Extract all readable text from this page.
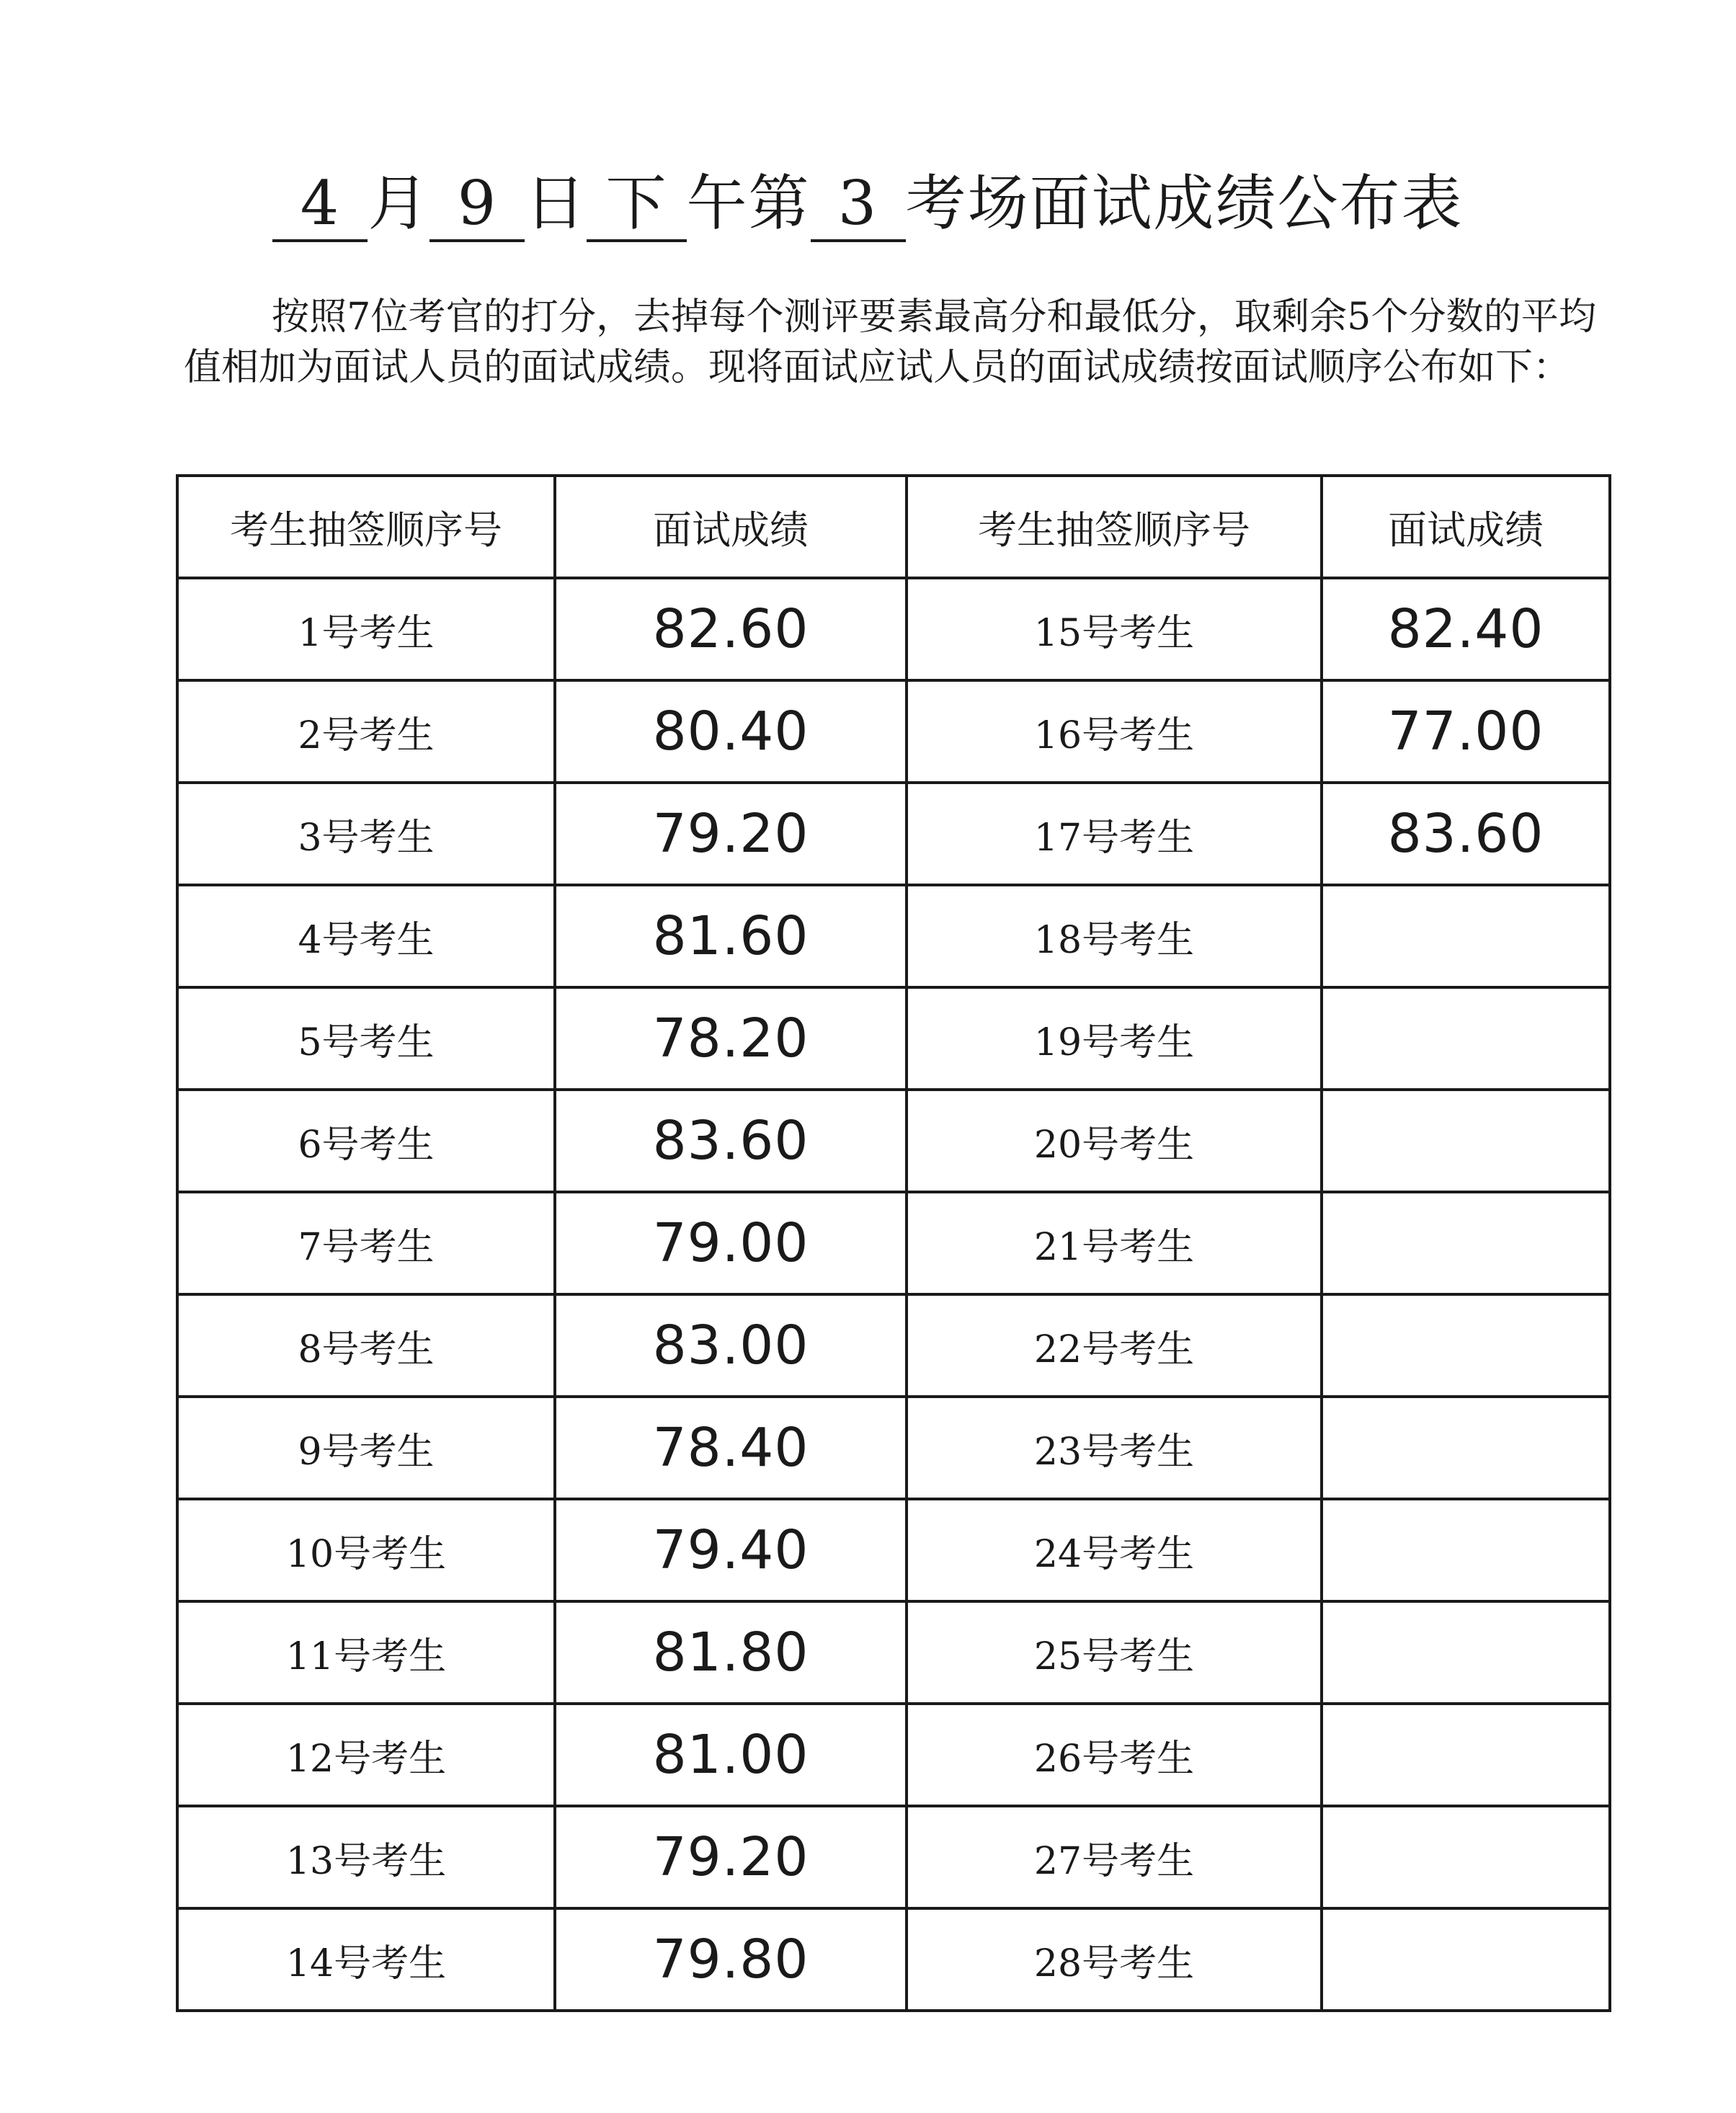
4 月 9 日 下 午第 3 考场面试成绩公布表
按照7位考官的打分，去掉每个测评要素最高分和最低分，取剩余5个分数的平均值相加为面试人员的面试成绩。现将面试应试人员的面试成绩按面试顺序公布如下：
考生抽签顺序号	面试成绩	考生抽签顺序号	面试成绩
1号考生	82.60	15号考生	82.40
2号考生	80.40	16号考生	77.00
3号考生	79.20	17号考生	83.60
4号考生	81.60	18号考生	
5号考生	78.20	19号考生	
6号考生	83.60	20号考生	
7号考生	79.00	21号考生	
8号考生	83.00	22号考生	
9号考生	78.40	23号考生	
10号考生	79.40	24号考生	
11号考生	81.80	25号考生	
12号考生	81.00	26号考生	
13号考生	79.20	27号考生	
14号考生	79.80	28号考生	
